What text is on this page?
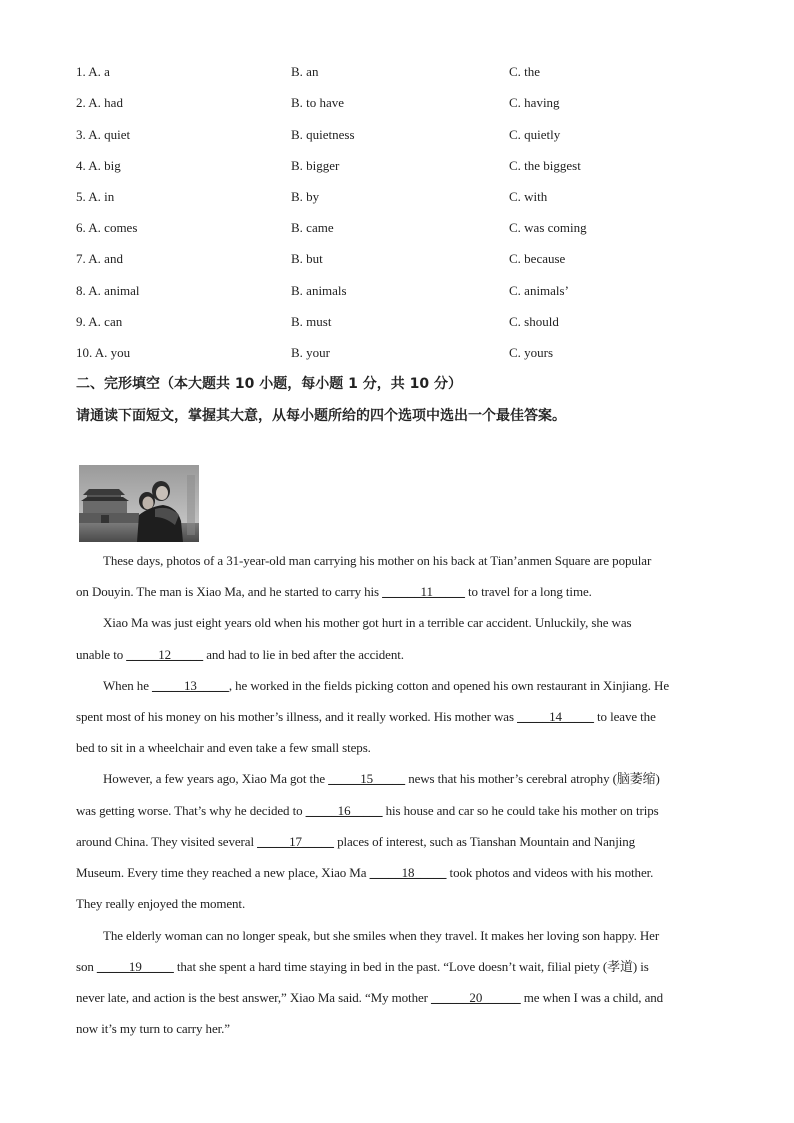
1. A. a	B. an	C. the
2. A. had	B. to have	C. having
3. A. quiet	B. quietness	C. quietly
4. A. big	B. bigger	C. the biggest
5. A. in	B. by	C. with
6. A. comes	B. came	C. was coming
7. A. and	B. but	C. because
8. A. animal	B. animals	C. animals’
9. A. can	B. must	C. should
10. A. you	B. your	C. yours
二、完形填空（本大题共 10 小题，每小题 1 分，共 10 分）
请通读下面短文，掌握其大意，从每小题所给的四个选项中选出一个最佳答案。
These days, photos of a 31-year-old man carrying his mother on his back at Tian’anmen Square are popular
on Douyin. The man is Xiao Ma, and he started to carry his ______11_____ to travel for a long time.
Xiao Ma was just eight years old when his mother got hurt in a terrible car accident. Unluckily, she was
unable to _____12_____ and had to lie in bed after the accident.
When he _____13_____, he worked in the fields picking cotton and opened his own restaurant in Xinjiang. He
spent most of his money on his mother’s illness, and it really worked. His mother was _____14_____ to leave the
bed to sit in a wheelchair and even take a few small steps.
However, a few years ago, Xiao Ma got the _____15_____ news that his mother’s cerebral atrophy (脑萎缩)
was getting worse. That’s why he decided to _____16_____ his house and car so he could take his mother on trips
around China. They visited several _____17_____ places of interest, such as Tianshan Mountain and Nanjing
Museum. Every time they reached a new place, Xiao Ma _____18_____ took photos and videos with his mother.
They really enjoyed the moment.
The elderly woman can no longer speak, but she smiles when they travel. It makes her loving son happy. Her
son _____19_____ that she spent a hard time staying in bed in the past. “Love doesn’t wait, filial piety (孝道) is
never late, and action is the best answer,” Xiao Ma said. “My mother ______20______ me when I was a child, and
now it’s my turn to carry her.”
